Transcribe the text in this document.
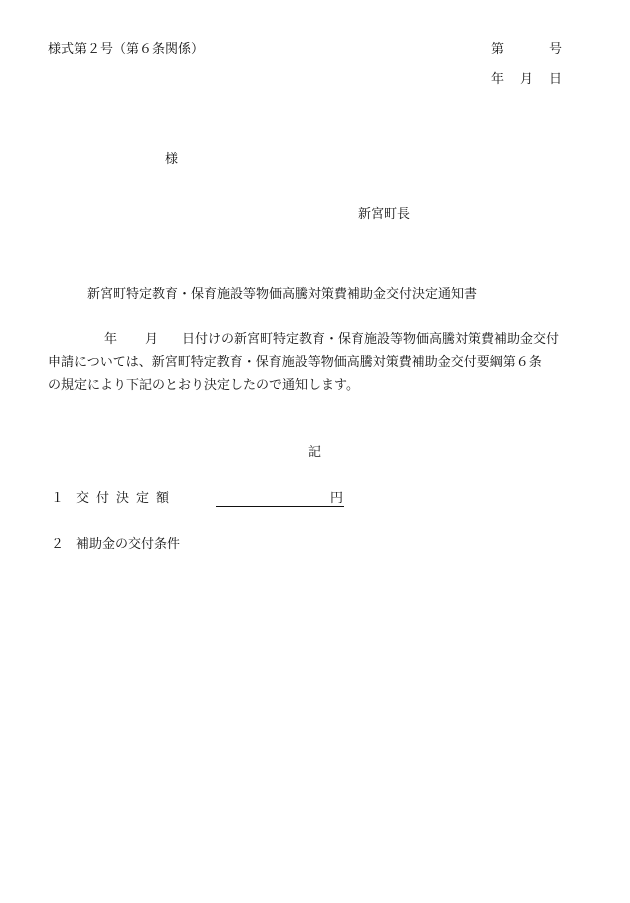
様式第２号（第６条関係）	第	号
年 月 日
様
新宮町長
新宮町特定教育・保育施設等物価高騰対策費補助金交付決定通知書
年 月 日付けの新宮町特定教育・保育施設等物価高騰対策費補助金交付
申請については、新宮町特定教育・保育施設等物価高騰対策費補助金交付要綱第６条
の規定により下記のとおり決定したので通知します。
記
１ 交付決定額	円
２ 補助金の交付条件
